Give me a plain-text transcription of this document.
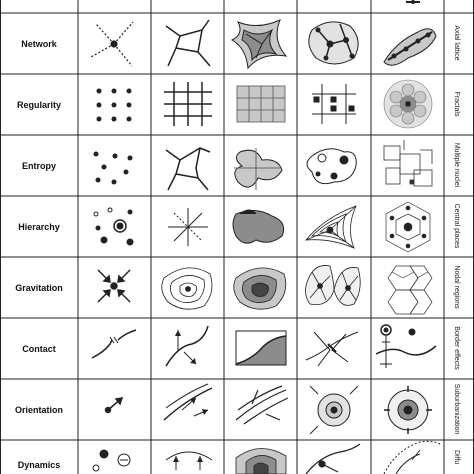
Network
Regularity
Entropy
Hierarchy
Gravitation
Contact
Orientation
Dynamics
Axial lattice
Fractals
Multiple nuclei
Central places
Nodal regions
Border effects
Suburbanization
Diffu
